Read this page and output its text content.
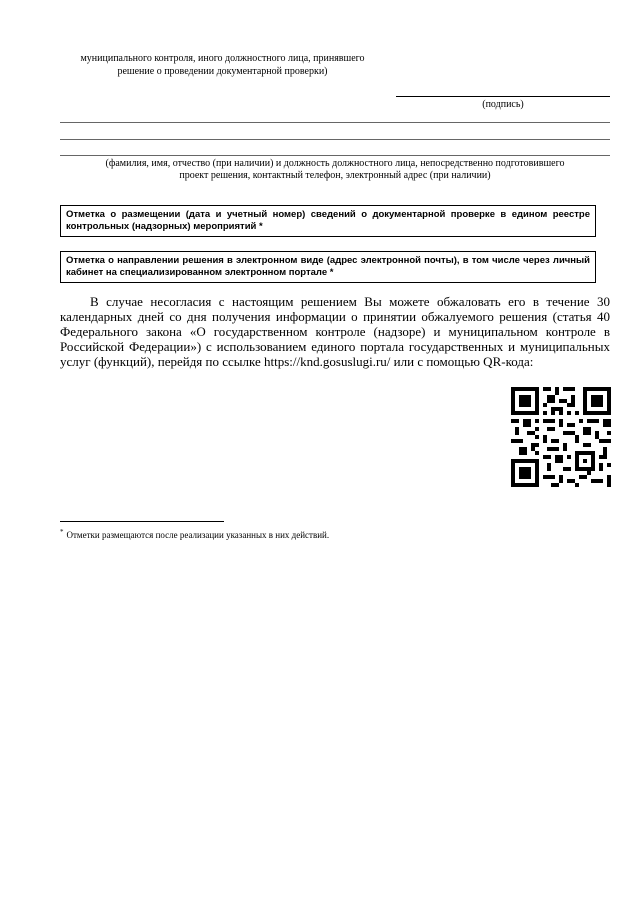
муниципального контроля, иного должностного лица, принявшего
решение о проведении документарной проверки)
(подпись)
(фамилия, имя, отчество (при наличии) и должность должностного лица, непосредственно подготовившего
проект решения, контактный телефон, электронный адрес (при наличии)
Отметка о размещении (дата и учетный номер) сведений о документарной проверке в едином реестре контрольных (надзорных) мероприятий *
Отметка о направлении решения в электронном виде (адрес электронной почты), в том числе через личный кабинет на специализированном электронном портале *
В случае несогласия с настоящим решением Вы можете обжаловать его в течение 30 календарных дней со дня получения информации о принятии обжалуемого решения (статья 40 Федерального закона «О государственном контроле (надзоре) и муниципальном контроле в Российской Федерации») с использованием единого портала государственных и муниципальных услуг (функций), перейдя по ссылке https://knd.gosuslugi.ru/ или с помощью QR-кода:
* Отметки размещаются после реализации указанных в них действий.
